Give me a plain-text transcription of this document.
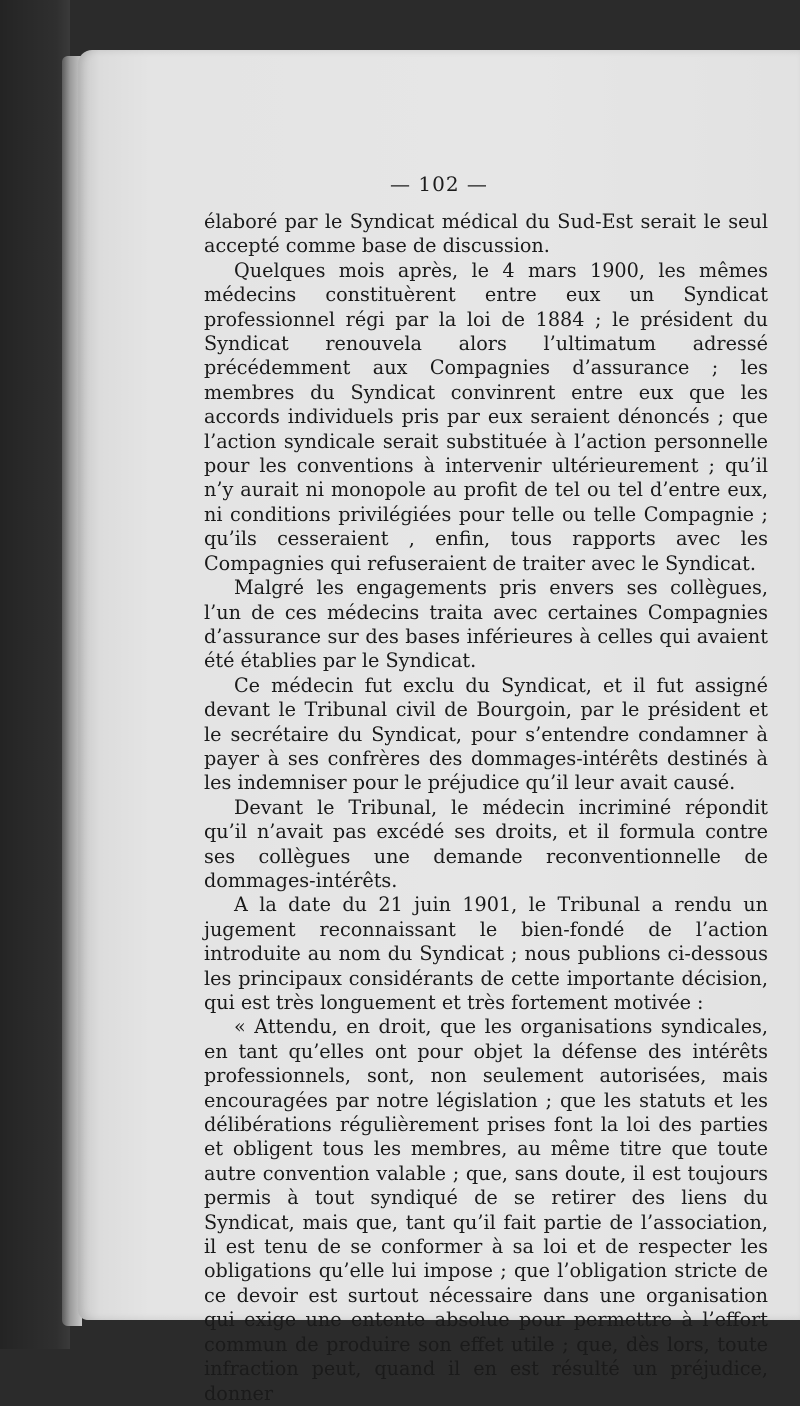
— 102 —

élaboré par le Syndicat médical du Sud-Est serait le seul accepté comme base de discussion.

Quelques mois après, le 4 mars 1900, les mêmes médecins constituèrent entre eux un Syndicat professionnel régi par la loi de 1884 ; le président du Syndicat renouvela alors l’ultimatum adressé précédemment aux Compagnies d’assurance ; les membres du Syndicat convinrent entre eux que les accords individuels pris par eux seraient dénoncés ; que l’action syndicale serait substituée à l’action personnelle pour les conventions à intervenir ultérieurement ; qu’il n’y aurait ni monopole au profit de tel ou tel d’entre eux, ni conditions privilégiées pour telle ou telle Compagnie ; qu’ils cesseraient , enfin, tous rapports avec les Compagnies qui refuseraient de traiter avec le Syndicat.

Malgré les engagements pris envers ses collègues, l’un de ces médecins traita avec certaines Compagnies d’assurance sur des bases inférieures à celles qui avaient été établies par le Syndicat.

Ce médecin fut exclu du Syndicat, et il fut assigné devant le Tribunal civil de Bourgoin, par le président et le secrétaire du Syndicat, pour s’entendre condamner à payer à ses confrères des dommages-intérêts destinés à les indemniser pour le préjudice qu’il leur avait causé.

Devant le Tribunal, le médecin incriminé répondit qu’il n’avait pas excédé ses droits, et il formula contre ses collègues une demande reconventionnelle de dommages-intérêts.

A la date du 21 juin 1901, le Tribunal a rendu un jugement reconnaissant le bien-fondé de l’action introduite au nom du Syndicat ; nous publions ci-dessous les principaux considérants de cette importante décision, qui est très longuement et très fortement motivée :

« Attendu, en droit, que les organisations syndicales, en tant qu’elles ont pour objet la défense des intérêts professionnels, sont, non seulement autorisées, mais encouragées par notre législation ; que les statuts et les délibérations régulièrement prises font la loi des parties et obligent tous les membres, au même titre que toute autre convention valable ; que, sans doute, il est toujours permis à tout syndiqué de se retirer des liens du Syndicat, mais que, tant qu’il fait partie de l’association, il est tenu de se conformer à sa loi et de respecter les obligations qu’elle lui impose ; que l’obligation stricte de ce devoir est surtout nécessaire dans une organisation qui exige une entente absolue pour permettre à l’effort commun de produire son effet utile ; que, dès lors, toute infraction peut, quand il en est résulté un préjudice, donner
